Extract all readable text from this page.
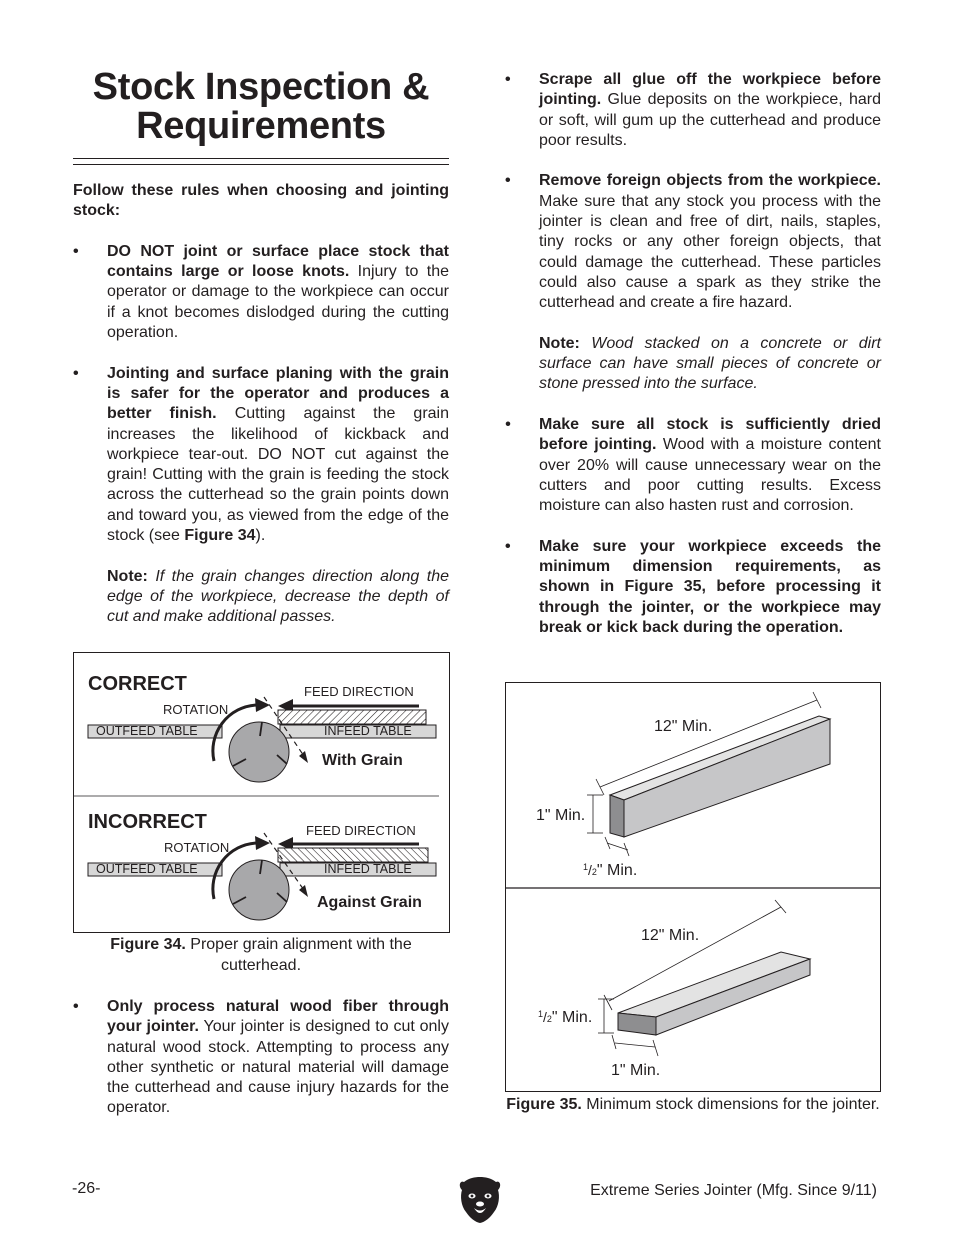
Stock Inspection &
Requirements
Follow these rules when choosing and jointing stock:
• DO NOT joint or surface place stock that contains large or loose knots. Injury to the operator or damage to the workpiece can occur if a knot becomes dislodged during the cutting operation.
• Jointing and surface planing with the grain is safer for the operator and produces a better finish. Cutting against the grain increases the likelihood of kickback and workpiece tear-out. DO NOT cut against the grain! Cutting with the grain is feeding the stock across the cutterhead so the grain points down and toward you, as viewed from the edge of the stock (see Figure 34).
Note: If the grain changes direction along the edge of the workpiece, decrease the depth of cut and make additional passes.
CORRECT	FEED DIRECTION
ROTATION
OUTFEED TABLE	INFEED TABLE
With Grain
INCORRECT	FEED DIRECTION
ROTATION
OUTFEED TABLE	INFEED TABLE
Against Grain
Figure 34. Proper grain alignment with the cutterhead.
• Only process natural wood fiber through your jointer. Your jointer is designed to cut only natural wood stock. Attempting to process any other synthetic or natural material will damage the cutterhead and cause injury hazards for the operator.
• Scrape all glue off the workpiece before jointing. Glue deposits on the workpiece, hard or soft, will gum up the cutterhead and produce poor results.
• Remove foreign objects from the workpiece. Make sure that any stock you process with the jointer is clean and free of dirt, nails, staples, tiny rocks or any other foreign objects, that could damage the cutterhead. These particles could also cause a spark as they strike the cutterhead and create a fire hazard.
Note: Wood stacked on a concrete or dirt surface can have small pieces of concrete or stone pressed into the surface.
• Make sure all stock is sufficiently dried before jointing. Wood with a moisture content over 20% will cause unnecessary wear on the cutters and poor cutting results. Excess moisture can also hasten rust and corrosion.
• Make sure your workpiece exceeds the minimum dimension requirements, as shown in Figure 35, before processing it through the jointer, or the workpiece may break or kick back during the operation.
12" Min.
1" Min.
$^1$/2" Min.
12" Min.
$^1$/2" Min.
1" Min.
Figure 35. Minimum stock dimensions for the jointer.
-26-	Extreme Series Jointer (Mfg. Since 9/11)
